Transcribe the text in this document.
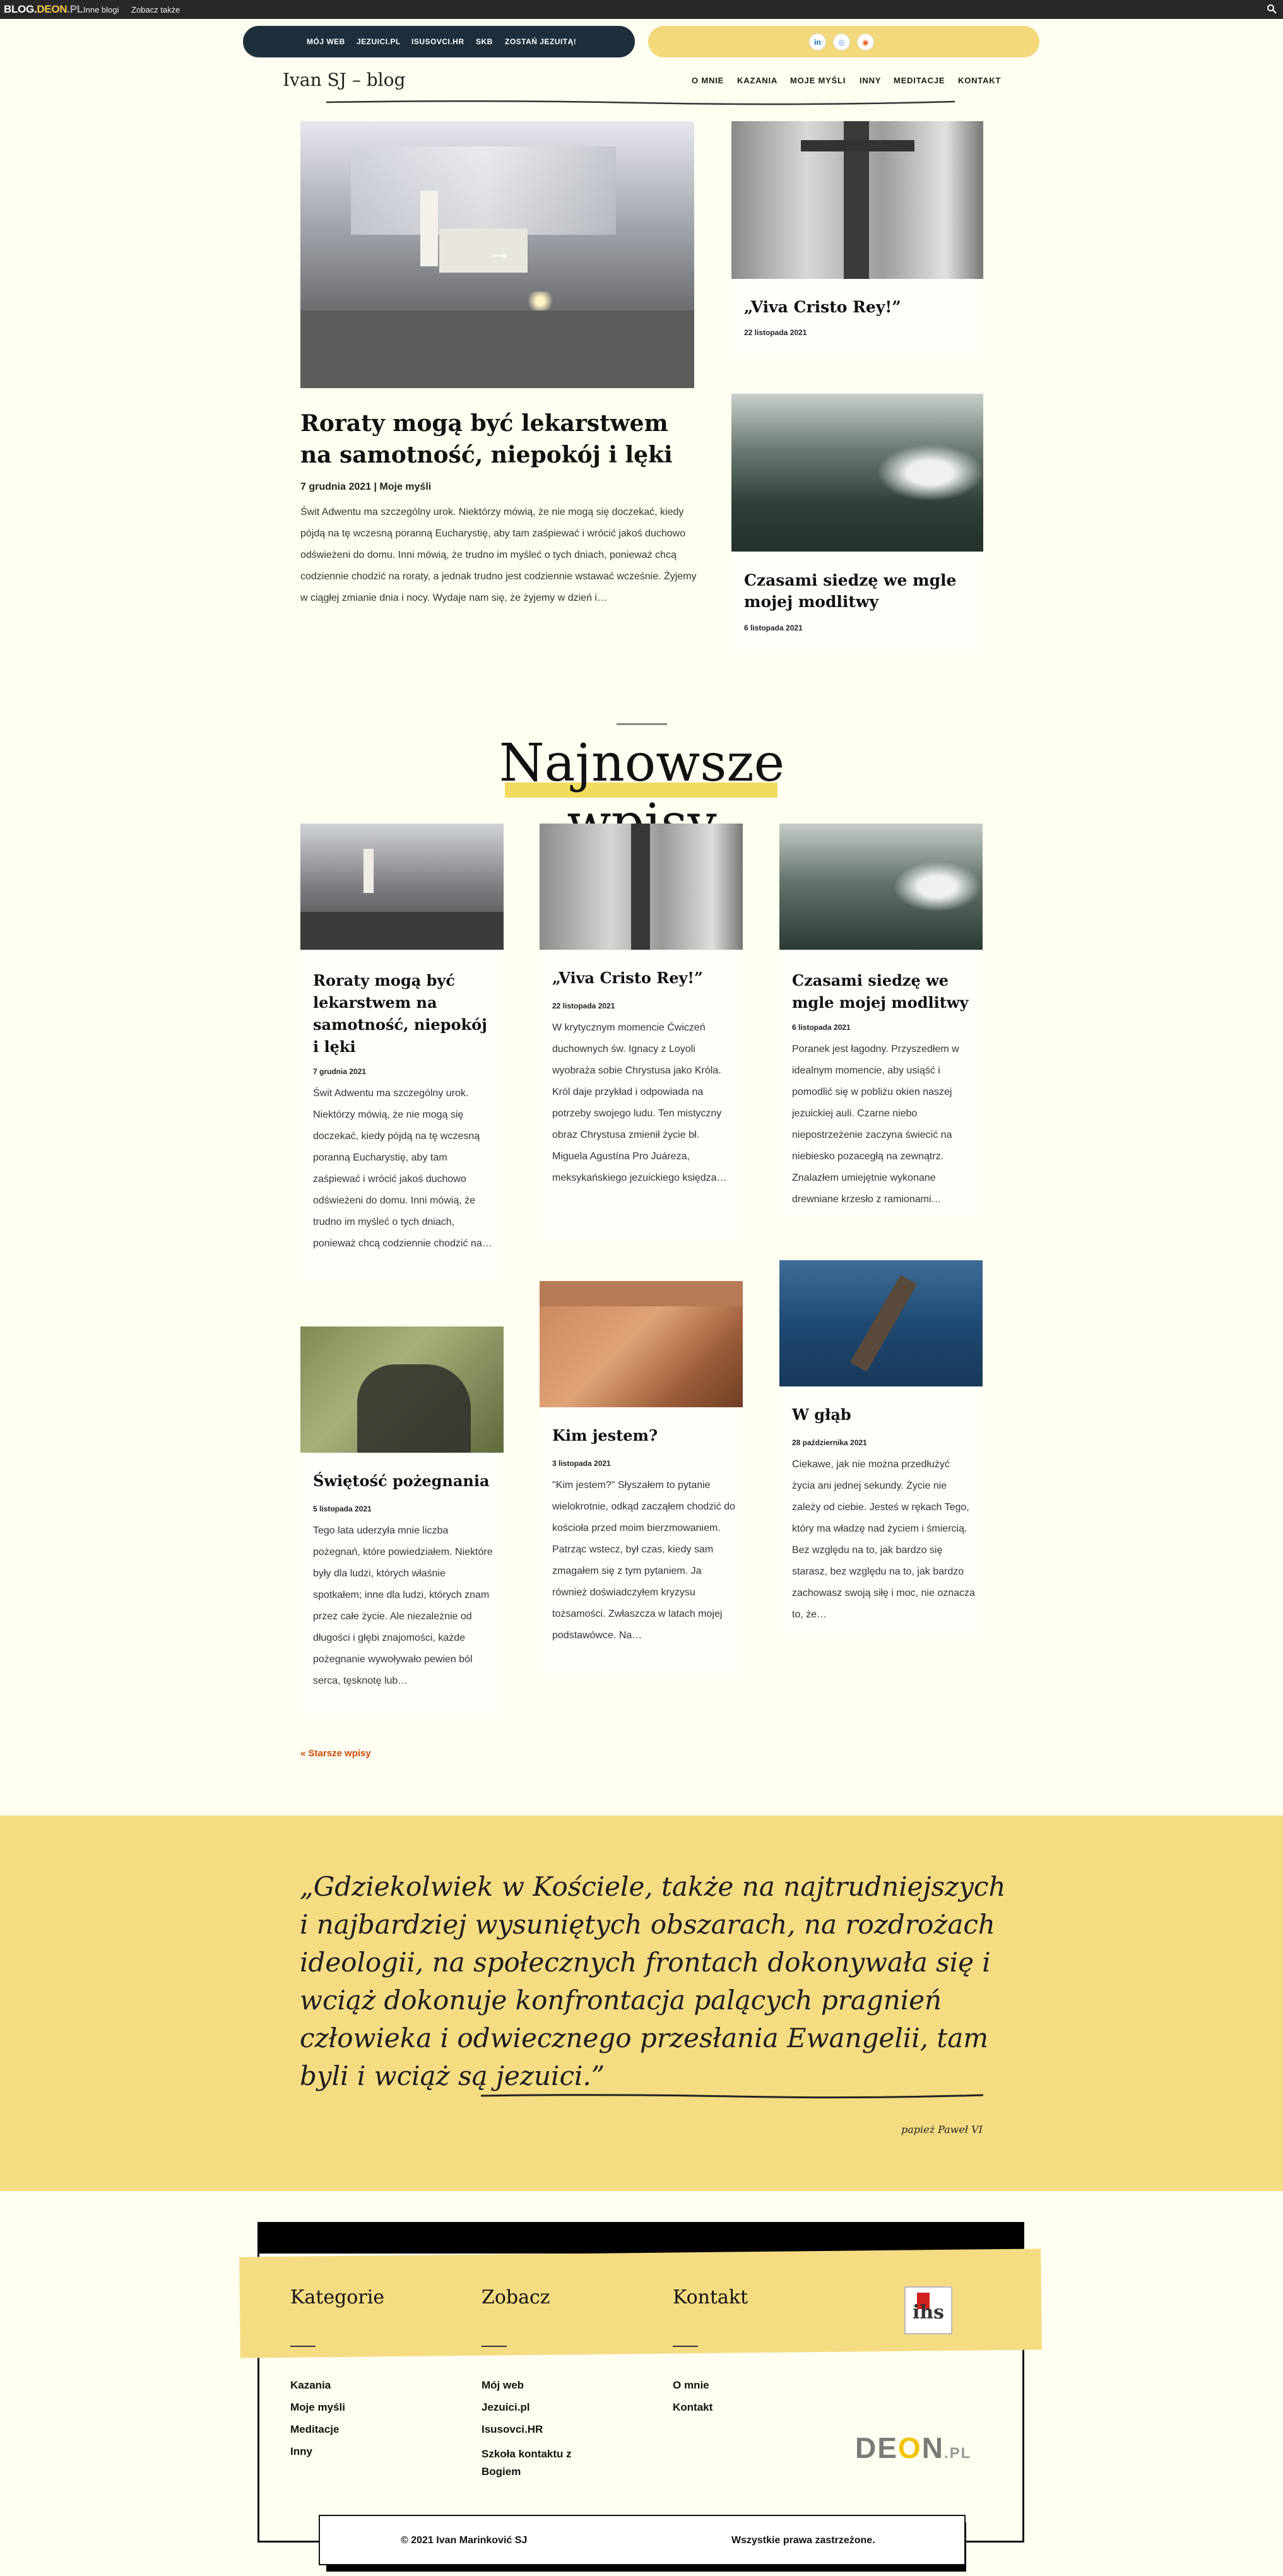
BLOG.DEON.PL Inne blogi Zobacz także
MÓJ WEB JEZUICI.PL ISUSOVCI.HR SKB ZOSTAŃ JEZUITĄ!	in	◎	◉
Ivan SJ – blog	O MNIE KAZANIA MOJE MYŚLI INNY MEDITACJE KONTAKT
→
Roraty mogą być lekarstwem na samotność, niepokój i lęki
7 grudnia 2021 | Moje myśli
Świt Adwentu ma szczególny urok. Niektórzy mówią, że nie mogą się doczekać, kiedy pójdą na tę wczesną poranną Eucharystię, aby tam zaśpiewać i wrócić jakoś duchowo odświeżeni do domu. Inni mówią, że trudno im myśleć o tych dniach, ponieważ chcą codziennie chodzić na roraty, a jednak trudno jest codziennie wstawać wcześnie. Żyjemy w ciągłej zmianie dnia i nocy. Wydaje nam się, że żyjemy w dzień i…
„Viva Cristo Rey!”
22 listopada 2021
Czasami siedzę we mgle mojej modlitwy
6 listopada 2021
Najnowsze
Roraty mogą być lekarstwem na samotność, niepokój i lęki
7 grudnia 2021
Świt Adwentu ma szczególny urok. Niektórzy mówią, że nie mogą się doczekać, kiedy pójdą na tę wczesną poranną Eucharystię, aby tam zaśpiewać i wrócić jakoś duchowo odświeżeni do domu. Inni mówią, że trudno im myśleć o tych dniach, ponieważ chcą codziennie chodzić na…
„Viva Cristo Rey!”
22 listopada 2021
W krytycznym momencie Ćwiczeń duchownych św. Ignacy z Loyoli wyobraża sobie Chrystusa jako Króla. Król daje przykład i odpowiada na potrzeby swojego ludu. Ten mistyczny obraz Chrystusa zmienił życie bł. Miguela Agustína Pro Juáreza, meksykańskiego jezuickiego księdza…
Czasami siedzę we mgle mojej modlitwy
6 listopada 2021
Poranek jest łagodny. Przyszedłem w idealnym momencie, aby usiąść i pomodlić się w pobliżu okien naszej jezuickiej auli. Czarne niebo niepostrzeżenie zaczyna świecić na niebiesko pozacegłą na zewnątrz. Znalazłem umiejętnie wykonane drewniane krzesło z ramionami…
Świętość pożegnania
5 listopada 2021
Tego lata uderzyła mnie liczba pożegnań, które powiedziałem. Niektóre były dla ludzi, których właśnie spotkałem; inne dla ludzi, których znam przez całe życie. Ale niezależnie od długości i głębi znajomości, każde pożegnanie wywoływało pewien ból serca, tęsknotę lub…
Kim jestem?
3 listopada 2021
"Kim jestem?" Słyszałem to pytanie wielokrotnie, odkąd zacząłem chodzić do kościoła przed moim bierzmowaniem. Patrząc wstecz, był czas, kiedy sam zmagałem się z tym pytaniem. Ja również doświadczyłem kryzysu tożsamości. Zwłaszcza w latach mojej podstawówce. Na…
W głąb
28 października 2021
Ciekawe, jak nie można przedłużyć życia ani jednej sekundy. Życie nie zależy od ciebie. Jesteś w rękach Tego, który ma władzę nad życiem i śmiercią. Bez względu na to, jak bardzo się starasz, bez względu na to, jak bardzo zachowasz swoją siłę i moc, nie oznacza to, że…
« Starsze wpisy
„Gdziekolwiek w Kościele, także na najtrudniejszych i najbardziej wysuniętych obszarach, na rozdrożach ideologii, na społecznych frontach dokonywała się i wciąż dokonuje konfrontacja palących pragnień człowieka i odwiecznego przesłania Ewangelii, tam byli i wciąż są jezuici.”
papież Paweł VI
Kategorie	Zobacz	Kontakt
ihs
Kazania
Moje myśli
Meditacje
Inny
Mój web
Jezuici.pl
Isusovci.HR
Szkoła kontaktu z Bogiem
O mnie
Kontakt
DEON.PL
© 2021 Ivan Marinković SJ	Wszystkie prawa zastrzeżone.
